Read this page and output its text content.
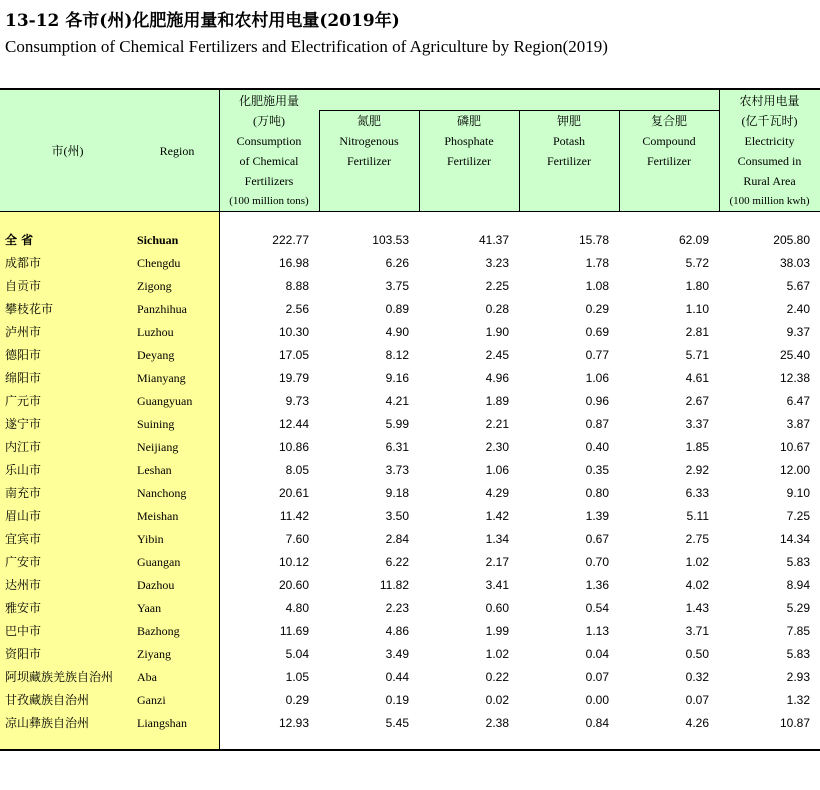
13-12 各市(州)化肥施用量和农村用电量(2019年)
Consumption of Chemical Fertilizers and Electrification of Agriculture by Region(2019)
市(州)	Region
化肥施用量
(万吨)
Consumption
of Chemical
Fertilizers
(100 million tons)
氮肥
Nitrogenous
Fertilizer
磷肥
Phosphate
Fertilizer
钾肥
Potash
Fertilizer
复合肥
Compound
Fertilizer
农村用电量
(亿千瓦时)
Electricity
Consumed in
Rural Area
(100 million kwh)
全 省	Sichuan	222.77	103.53	41.37	15.78	62.09	205.80
成都市	Chengdu	16.98	6.26	3.23	1.78	5.72	38.03
自贡市	Zigong	8.88	3.75	2.25	1.08	1.80	5.67
攀枝花市	Panzhihua	2.56	0.89	0.28	0.29	1.10	2.40
泸州市	Luzhou	10.30	4.90	1.90	0.69	2.81	9.37
德阳市	Deyang	17.05	8.12	2.45	0.77	5.71	25.40
绵阳市	Mianyang	19.79	9.16	4.96	1.06	4.61	12.38
广元市	Guangyuan	9.73	4.21	1.89	0.96	2.67	6.47
遂宁市	Suining	12.44	5.99	2.21	0.87	3.37	3.87
内江市	Neijiang	10.86	6.31	2.30	0.40	1.85	10.67
乐山市	Leshan	8.05	3.73	1.06	0.35	2.92	12.00
南充市	Nanchong	20.61	9.18	4.29	0.80	6.33	9.10
眉山市	Meishan	11.42	3.50	1.42	1.39	5.11	7.25
宜宾市	Yibin	7.60	2.84	1.34	0.67	2.75	14.34
广安市	Guangan	10.12	6.22	2.17	0.70	1.02	5.83
达州市	Dazhou	20.60	11.82	3.41	1.36	4.02	8.94
雅安市	Yaan	4.80	2.23	0.60	0.54	1.43	5.29
巴中市	Bazhong	11.69	4.86	1.99	1.13	3.71	7.85
资阳市	Ziyang	5.04	3.49	1.02	0.04	0.50	5.83
阿坝藏族羌族自治州 Aba	1.05	0.44	0.22	0.07	0.32	2.93
甘孜藏族自治州	Ganzi	0.29	0.19	0.02	0.00	0.07	1.32
凉山彝族自治州	Liangshan	12.93	5.45	2.38	0.84	4.26	10.87
